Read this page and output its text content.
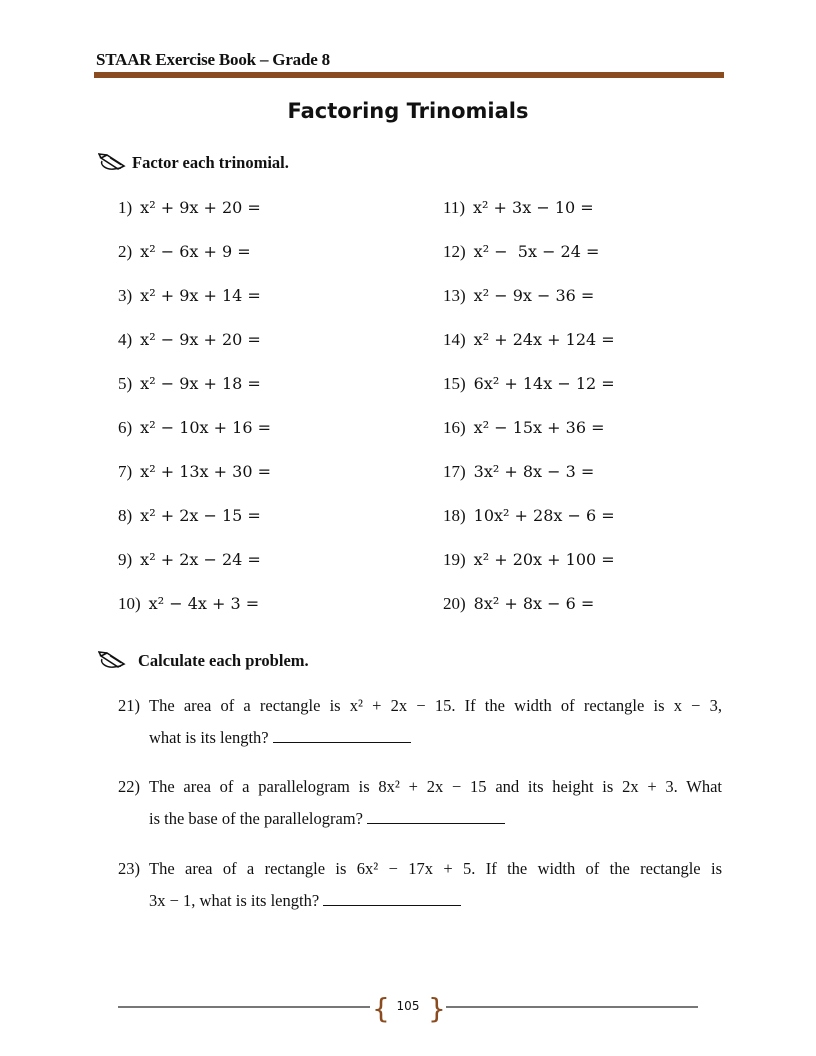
STAAR Exercise Book – Grade 8
Factoring Trinomials
Factor each trinomial.
1) x² + 9x + 20 =
2) x² − 6x + 9 =
3) x² + 9x + 14 =
4) x² − 9x + 20 =
5) x² − 9x + 18 =
6) x² − 10x + 16 =
7) x² + 13x + 30 =
8) x² + 2x − 15 =
9) x² + 2x − 24 =
10) x² − 4x + 3 =
11) x² + 3x − 10 =
12) x² −  5x − 24 =
13) x² − 9x − 36 =
14) x² + 24x + 124 =
15) 6x² + 14x − 12 =
16) x² − 15x + 36 =
17) 3x² + 8x − 3 =
18) 10x² + 28x − 6 =
19) x² + 20x + 100 =
20) 8x² + 8x − 6 =
Calculate each problem.
21) The area of a rectangle is x² + 2x − 15. If the width of rectangle is x − 3,
what is its length?
22) The area of a parallelogram is 8x² + 2x − 15 and its height is 2x + 3. What
is the base of the parallelogram?
23) The area of a rectangle is 6x² − 17x + 5. If the width of the rectangle is
3x − 1, what is its length?
{ }
105
